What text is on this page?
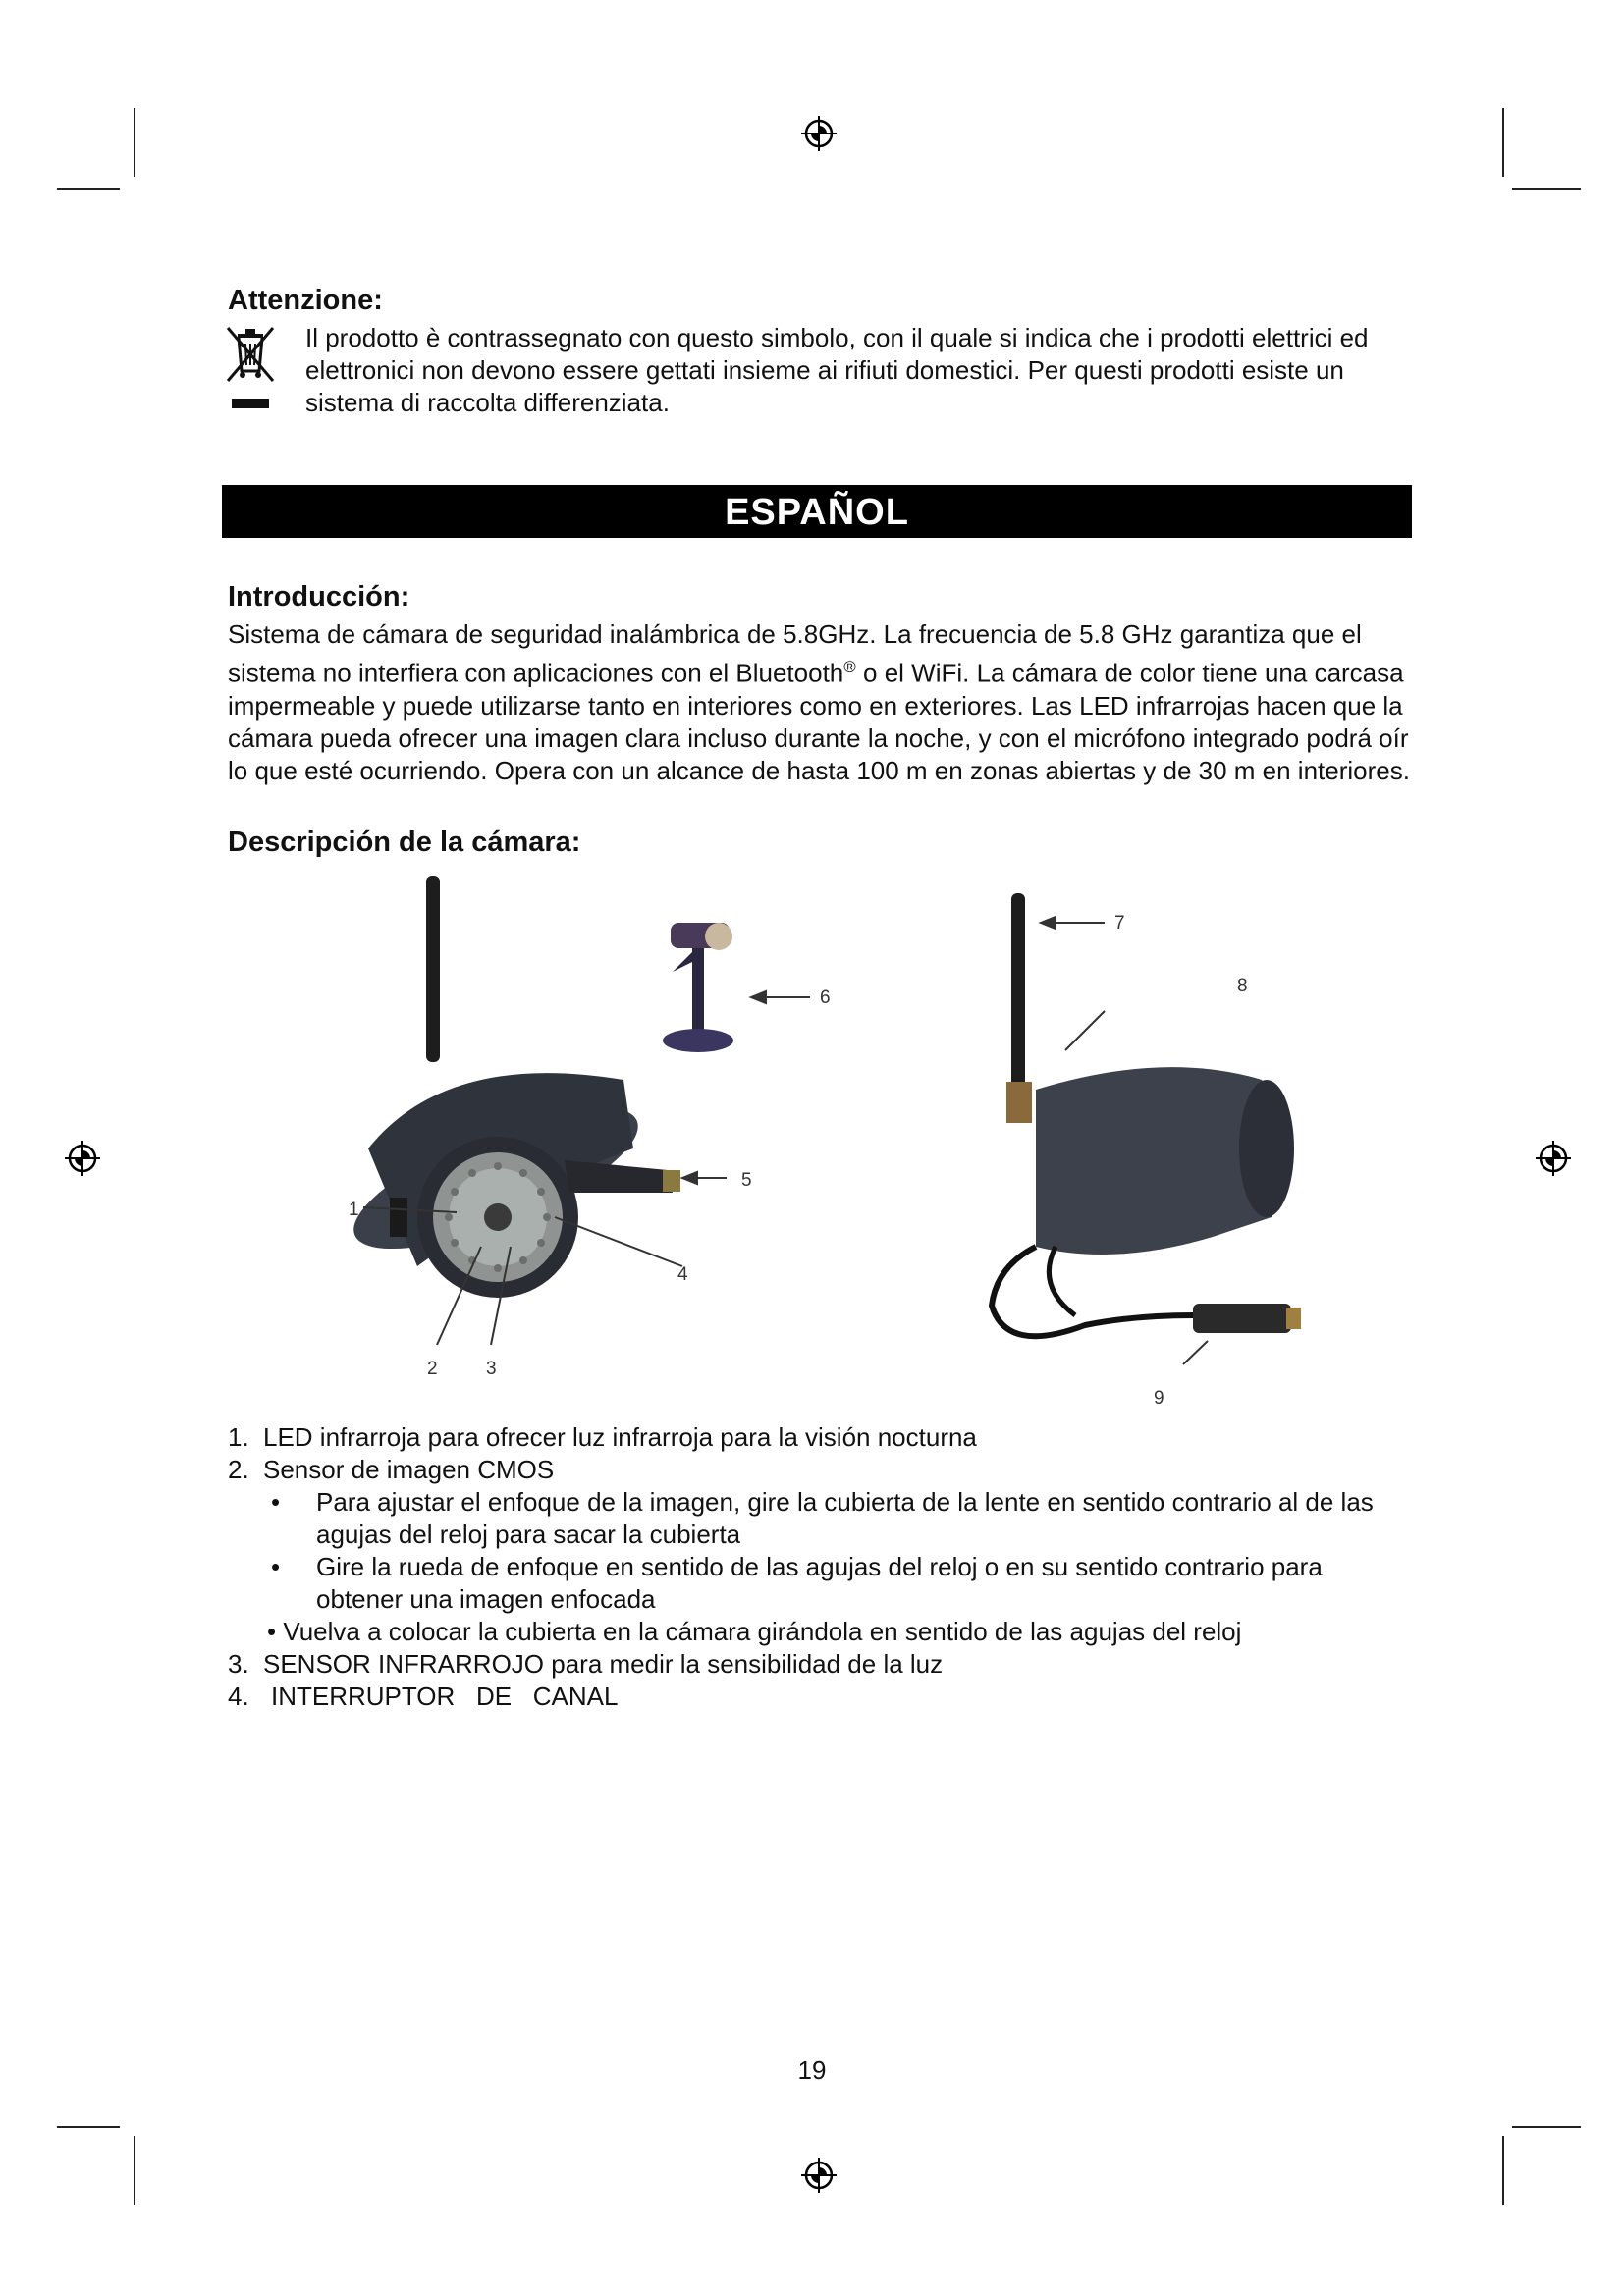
Attenzione:
Il prodotto è contrassegnato con questo simbolo, con il quale si indica che i prodotti elettrici ed elettronici non devono essere gettati insieme ai rifiuti domestici. Per questi prodotti esiste un sistema di raccolta differenziata.
ESPAÑOL
Introducción:
Sistema de cámara de seguridad inalámbrica de 5.8GHz. La frecuencia de 5.8 GHz garantiza que el sistema no interfiera con aplicaciones con el Bluetooth® o el WiFi. La cámara de color tiene una carcasa impermeable y puede utilizarse tanto en interiores como en exteriores. Las LED infrarrojas hacen que la cámara pueda ofrecer una imagen clara incluso durante la noche, y con el micrófono integrado podrá oír lo que esté ocurriendo. Opera con un alcance de hasta 100 m en zonas abiertas y de 30 m en interiores.
Descripción de la cámara:
1
2	3
4
5
6
7
8
9
1. LED infrarroja para ofrecer luz infrarroja para la visión nocturna
2. Sensor de imagen CMOS
• Para ajustar el enfoque de la imagen, gire la cubierta de la lente en sentido contrario al de las agujas del reloj para sacar la cubierta
• Gire la rueda de enfoque en sentido de las agujas del reloj o en su sentido contrario para obtener una imagen enfocada
• Vuelva a colocar la cubierta en la cámara girándola en sentido de las agujas del reloj
3. SENSOR INFRARROJO para medir la sensibilidad de la luz
4. INTERRUPTOR   DE   CANAL
19
